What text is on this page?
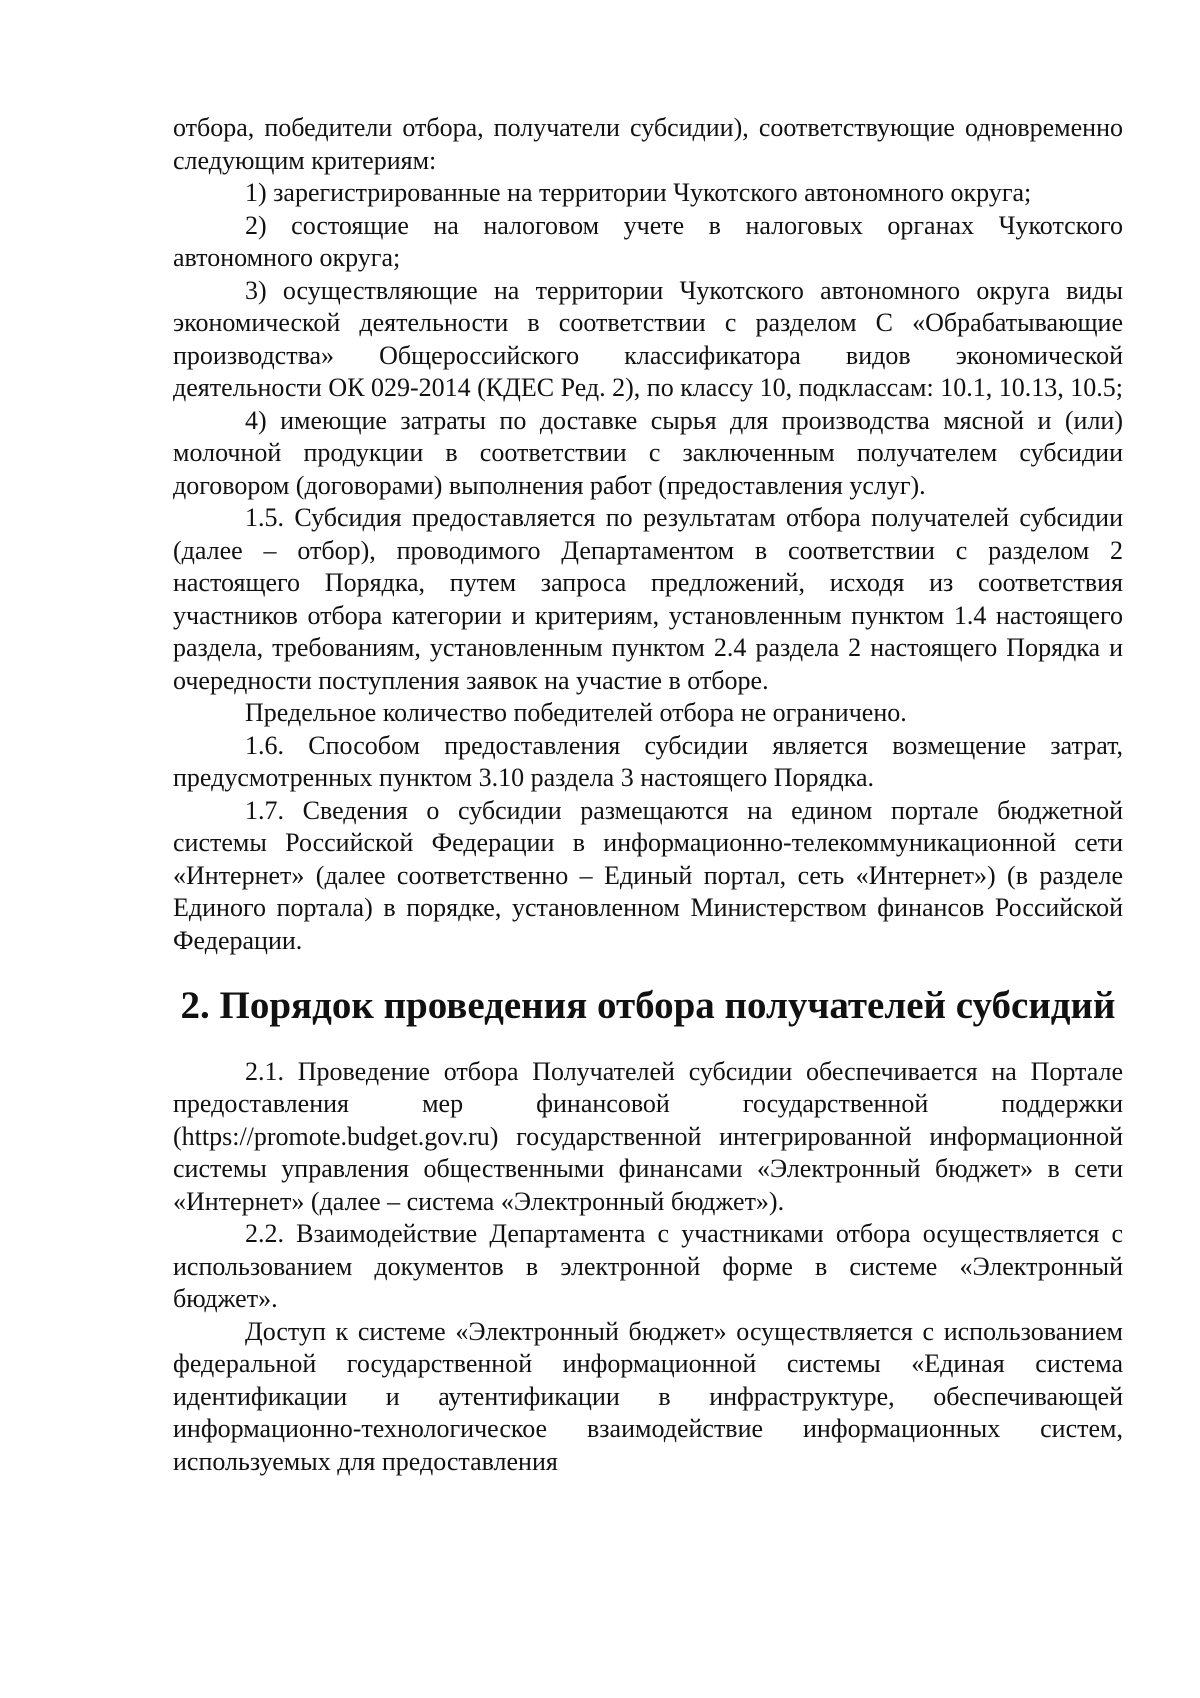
отбора, победители отбора, получатели субсидии), соответствующие одновременно следующим критериям:

1) зарегистрированные на территории Чукотского автономного округа;

2) состоящие на налоговом учете в налоговых органах Чукотского автономного округа;

3) осуществляющие на территории Чукотского автономного округа виды экономической деятельности в соответствии с разделом С «Обрабатывающие производства» Общероссийского классификатора видов экономической деятельности ОК 029-2014 (КДЕС Ред. 2), по классу 10, подклассам: 10.1, 10.13, 10.5;

4) имеющие затраты по доставке сырья для производства мясной и (или) молочной продукции в соответствии с заключенным получателем субсидии договором (договорами) выполнения работ (предоставления услуг).

1.5. Субсидия предоставляется по результатам отбора получателей субсидии (далее – отбор), проводимого Департаментом в соответствии с разделом 2 настоящего Порядка, путем запроса предложений, исходя из соответствия участников отбора категории и критериям, установленным пунктом 1.4 настоящего раздела, требованиям, установленным пунктом 2.4 раздела 2 настоящего Порядка и очередности поступления заявок на участие в отборе.

Предельное количество победителей отбора не ограничено.

1.6. Способом предоставления субсидии является возмещение затрат, предусмотренных пунктом 3.10 раздела 3 настоящего Порядка.

1.7. Сведения о субсидии размещаются на едином портале бюджетной системы Российской Федерации в информационно-телекоммуникационной сети «Интернет» (далее соответственно – Единый портал, сеть «Интернет») (в разделе Единого портала) в порядке, установленном Министерством финансов Российской Федерации.

2. Порядок проведения отбора получателей субсидий

2.1. Проведение отбора Получателей субсидии обеспечивается на Портале предоставления мер финансовой государственной поддержки (https://promote.budget.gov.ru) государственной интегрированной информационной системы управления общественными финансами «Электронный бюджет» в сети «Интернет» (далее – система «Электронный бюджет»).

2.2. Взаимодействие Департамента с участниками отбора осуществляется с использованием документов в электронной форме в системе «Электронный бюджет».

Доступ к системе «Электронный бюджет» осуществляется с использованием федеральной государственной информационной системы «Единая система идентификации и аутентификации в инфраструктуре, обеспечивающей информационно-технологическое взаимодействие информационных систем, используемых для предоставления
